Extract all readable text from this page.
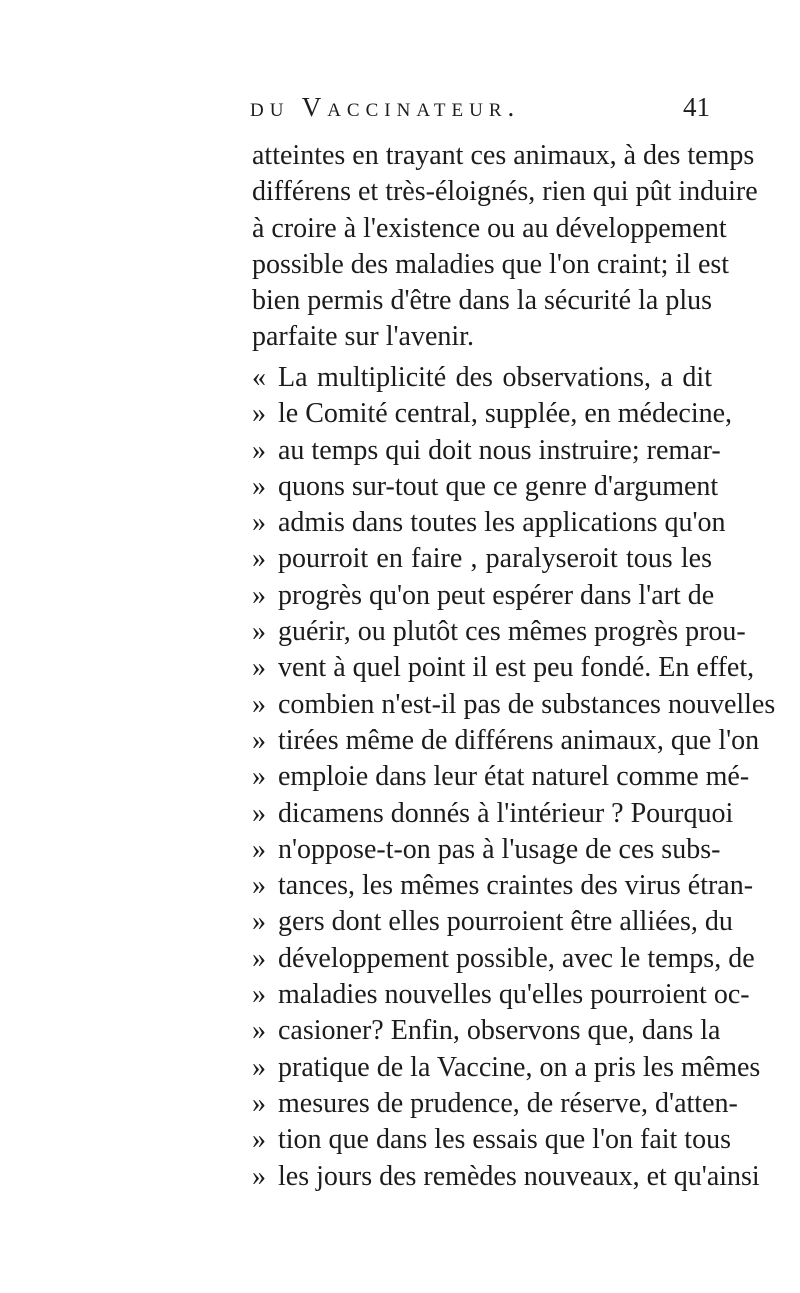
du Vaccinateur.	41
atteintes en trayant ces animaux, à des temps
différens et très-éloignés, rien qui pût induire
à croire à l'existence ou au développement
possible des maladies que l'on craint; il est
bien permis d'être dans la sécurité la plus
parfaite sur l'avenir.
« La multiplicité des observations, a dit
» le Comité central, supplée, en médecine,
» au temps qui doit nous instruire; remar-
» quons sur-tout que ce genre d'argument
» admis dans toutes les applications qu'on
» pourroit en faire , paralyseroit tous les
» progrès qu'on peut espérer dans l'art de
» guérir, ou plutôt ces mêmes progrès prou-
» vent à quel point il est peu fondé. En effet,
» combien n'est-il pas de substances nouvelles
» tirées même de différens animaux, que l'on
» emploie dans leur état naturel comme mé-
» dicamens donnés à l'intérieur ? Pourquoi
» n'oppose-t-on pas à l'usage de ces subs-
» tances, les mêmes craintes des virus étran-
» gers dont elles pourroient être alliées, du
» développement possible, avec le temps, de
» maladies nouvelles qu'elles pourroient oc-
» casioner? Enfin, observons que, dans la
» pratique de la Vaccine, on a pris les mêmes
» mesures de prudence, de réserve, d'atten-
» tion que dans les essais que l'on fait tous
» les jours des remèdes nouveaux, et qu'ainsi
